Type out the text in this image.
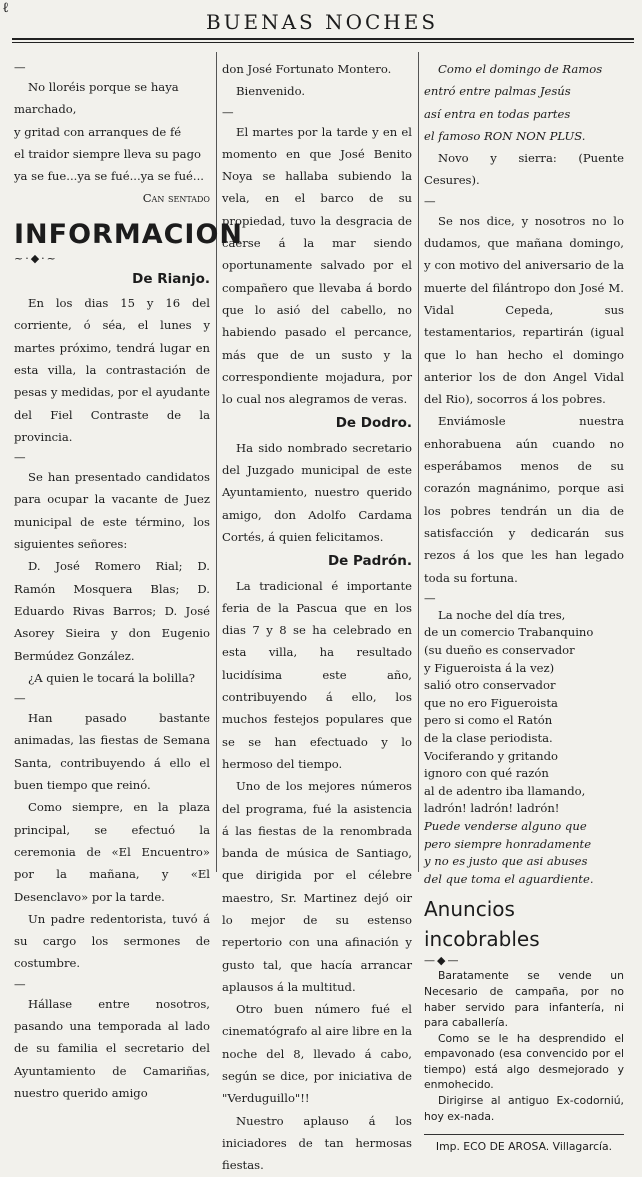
ℓ
BUENAS NOCHES

—

No lloréis porque se haya marchado,

y gritad con arranques de fé

el traidor siempre lleva su pago

ya se fue...ya se fué...ya se fué...

Can sentado

INFORMACION

~·◆·~

De Rianjo.

En los dias 15 y 16 del corriente, ó séa, el lunes y martes próximo, tendrá lugar en esta villa, la contrastación de pesas y medidas, por el ayudante del Fiel Contraste de la provincia.

—

Se han presentado candidatos para ocupar la vacante de Juez municipal de este término, los siguientes señores:

D. José Romero Rial; D. Ramón Mosquera Blas; D. Eduardo Rivas Barros; D. José Asorey Sieira y don Eugenio Bermúdez González.

¿A quien le tocará la bolilla?

—

Han pasado bastante animadas, las fiestas de Semana Santa, contribuyendo á ello el buen tiempo que reinó.

Como siempre, en la plaza principal, se efectuó la ceremonia de «El Encuentro» por la mañana, y «El Desenclavo» por la tarde.

Un padre redentorista, tuvó á su cargo los sermones de costumbre.

—

Hállase entre nosotros, pasando una temporada al lado de su familia el secretario del Ayuntamiento de Camariñas, nuestro querido amigo

don José Fortunato Montero.

Bienvenido.

—

El martes por la tarde y en el momento en que José Benito Noya se hallaba subiendo la vela, en el barco de su propiedad, tuvo la desgracia de caerse á la mar siendo oportunamente salvado por el compañero que llevaba á bordo que lo asió del cabello, no habiendo pasado el percance, más que de un susto y la correspondiente mojadura, por lo cual nos alegramos de veras.

De Dodro.

Ha sido nombrado secretario del Juzgado municipal de este Ayuntamiento, nuestro querido amigo, don Adolfo Cardama Cortés, á quien felicitamos.

De Padrón.

La tradicional é importante feria de la Pascua que en los dias 7 y 8 se ha celebrado en esta villa, ha resultado lucidísima este año, contribuyendo á ello, los muchos festejos populares que se se han efectuado y lo hermoso del tiempo.

Uno de los mejores números del programa, fué la asistencia á las fiestas de la renombrada banda de música de Santiago, que dirigida por el célebre maestro, Sr. Martinez dejó oir lo mejor de su estenso repertorio con una afinación y gusto tal, que hacía arrancar aplausos á la multitud.

Otro buen número fué el cinematógrafo al aire libre en la noche del 8, llevado á cabo, según se dice, por iniciativa de "Verduguillo"!!

Nuestro aplauso á los iniciadores de tan hermosas fiestas.

Como el domingo de Ramos

entró entre palmas Jesús

así entra en todas partes

el famoso RON NON PLUS.

Novo y sierra: (Puente Cesures).

—

Se nos dice, y nosotros no lo dudamos, que mañana domingo, y con motivo del aniversario de la muerte del filántropo don José M. Vidal Cepeda, sus testamentarios, repartirán (igual que lo han hecho el domingo anterior los de don Angel Vidal del Rio), socorros á los pobres.

Enviámosle nuestra enhorabuena aún cuando no esperábamos menos de su corazón magnánimo, porque asi los pobres tendrán un dia de satisfacción y dedicarán sus rezos á los que les han legado toda su fortuna.

—

La noche del día tres,

de un comercio Trabanquino

(su dueño es conservador

y Figueroista á la vez)

salió otro conservador

que no ero Figueroista

pero si como el Ratón

de la clase periodista.

Vociferando y gritando

ignoro con qué razón

al de adentro iba llamando,

ladrón! ladrón! ladrón!

Puede venderse alguno que

pero siempre honradamente

y no es justo que asi abuses

del que toma el aguardiente.

Anuncios incobrables

—◆—

Baratamente se vende un Necesario de campaña, por no haber servido para infantería, ni para caballería.

Como se le ha desprendido el empavonado (esa convencido por el tiempo) está algo desmejorado y enmohecido.

Dirigirse al antiguo Ex-codorniú, hoy ex-nada.

Imp. ECO DE AROSA. Villagarcía.
